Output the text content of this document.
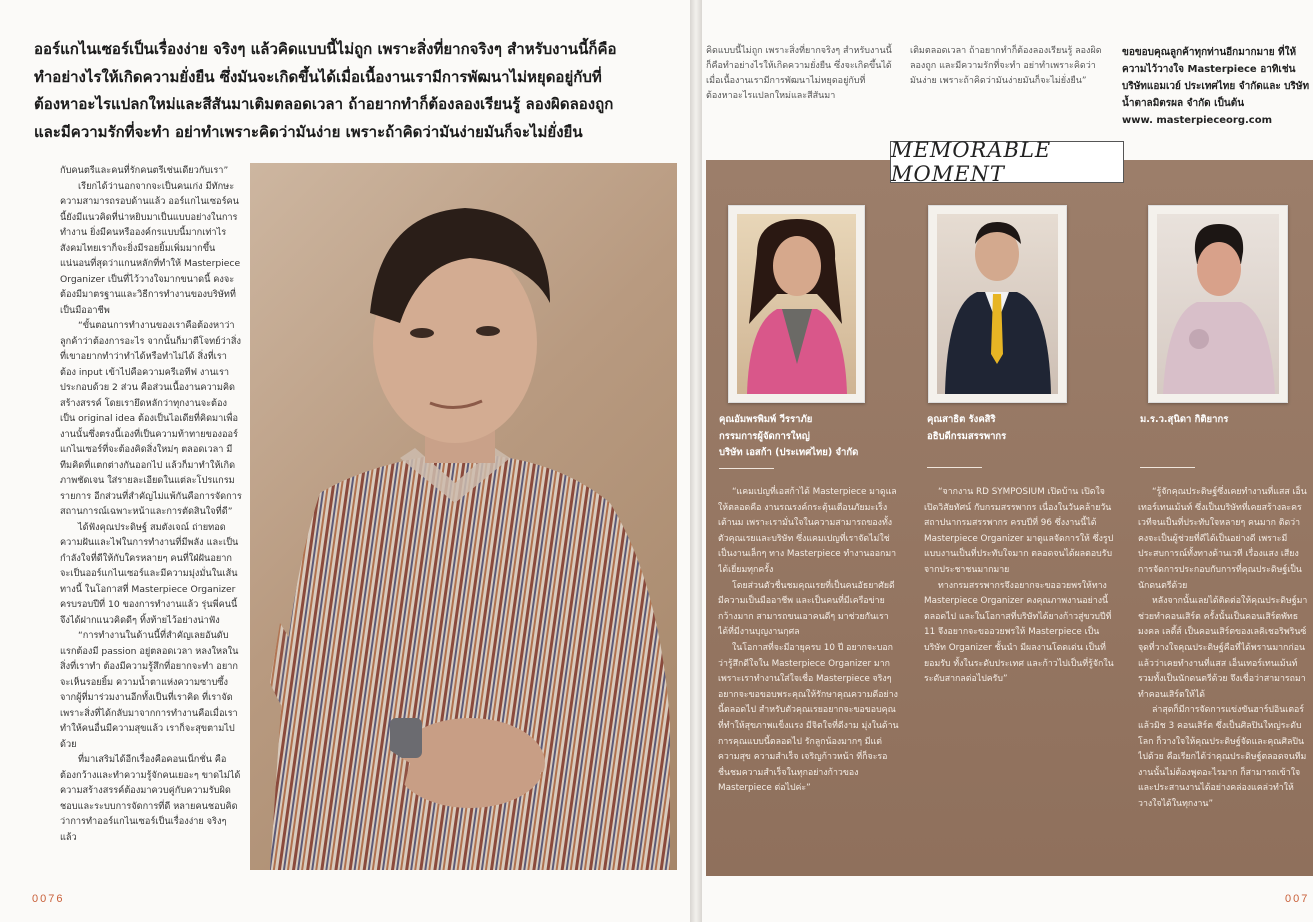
ออร์แกไนเซอร์เป็นเรื่องง่าย จริงๆ แล้วคิดแบบนี้ไม่ถูก เพราะสิ่งที่ยากจริงๆ สำหรับงานนี้ก็คือ
ทำอย่างไรให้เกิดความยั่งยืน ซึ่งมันจะเกิดขึ้นได้เมื่อเนื้องานเรามีการพัฒนาไม่หยุดอยู่กับที่
ต้องหาอะไรแปลกใหม่และสีสันมาเติมตลอดเวลา ถ้าอยากทำก็ต้องลองเรียนรู้ ลองผิดลองถูก
และมีความรักที่จะทำ อย่าทำเพราะคิดว่ามันง่าย เพราะถ้าคิดว่ามันง่ายมันก็จะไม่ยั่งยืน

กับคนตรีและคนที่รักคนตรีเช่นเดียวกับเรา”

เรียกได้ว่านอกจากจะเป็นคนเก่ง มีทักษะความสามารถรอบด้านแล้ว ออร์แกไนเซอร์คนนี้ยังมีแนวคิดที่น่าหยิบมาเป็นแบบอย่างในการทำงาน ยิ่งมีคนหรือองค์กรแบบนี้มากเท่าไรสังคมไทยเราก็จะยิ่งมีรอยยิ้มเพิ่มมากขึ้น แน่นอนที่สุดว่าแกนหลักที่ทำให้ Masterpiece Organizer เป็นที่ไว้วางใจมากขนาดนี้ คงจะต้องมีมาตรฐานและวิธีการทำงานของบริษัทที่เป็นมืออาชีพ

“ขั้นตอนการทำงานของเราคือต้องหาว่าลูกค้าว่าต้องการอะไร จากนั้นก็มาตีโจทย์ว่าสิ่งที่เขาอยากทำว่าทำได้หรือทำไม่ได้ สิ่งที่เราต้อง input เข้าไปคือความครีเอทีฟ งานเราประกอบด้วย 2 ส่วน คือส่วนเนื้องานความคิดสร้างสรรค์ โดยเรายึดหลักว่าทุกงานจะต้องเป็น original idea ต้องเป็นไอเดียที่คิดมาเพื่องานนั้นซึ่งตรงนี้เองที่เป็นความท้าทายของออร์แกไนเซอร์ที่จะต้องคิดสิ่งใหม่ๆ ตลอดเวลา มีทีมคิดที่แตกต่างกันออกไป แล้วก็มาทำให้เกิดภาพชัดเจน ใส่รายละเอียดในแต่ละโปรแกรมรายการ อีกส่วนที่สำคัญไม่แพ้กันคือการจัดการสถานการณ์เฉพาะหน้าและการตัดสินใจที่ดี”

ได้ฟังคุณประดิษฐ์ สมตังเจณ์ ถ่ายทอดความฝันและไฟในการทำงานที่มีพลัง และเป็นกำลังใจที่ดีให้กับใครหลายๆ คนที่ใฝ่ฝันอยากจะเป็นออร์แกไนเซอร์และมีความมุ่งมั่นในเส้นทางนี้ ในโอกาสที่ Masterpiece Organizer ครบรอบปีที่ 10 ของการทำงานแล้ว รุ่นพี่คนนี้จึงได้ฝากแนวคิดดีๆ ทิ้งท้ายไว้อย่างน่าฟัง

“การทำงานในด้านนี้ที่สำคัญเลยอันดับแรกต้องมี passion อยู่ตลอดเวลา หลงใหลในสิ่งที่เราทำ ต้องมีความรู้สึกที่อยากจะทำ อยากจะเห็นรอยยิ้ม ความน้ำตาแห่งความซาบซึ้งจากผู้ที่มาร่วมงานอีกทั้งเป็นที่เราคิด ที่เราจัด เพราะสิ่งที่ได้กลับมาจากการทำงานคือเมื่อเราทำให้คนอื่นมีความสุขแล้ว เราก็จะสุขตามไปด้วย

ที่มาเสริมได้อีกเรื่องคือคอนเน็กชั่น คือต้องกว้างและทำความรู้จักคนเยอะๆ ขาดไม่ได้ความสร้างสรรค์ต้องมาควบคู่กับความรับผิดชอบและระบบการจัดการที่ดี หลายคนชอบคิดว่าการทำออร์แกไนเซอร์เป็นเรื่องง่าย จริงๆ แล้ว

0076
คิดแบบนี้ไม่ถูก เพราะสิ่งที่ยากจริงๆ สำหรับงานนี้ก็คือทำอย่างไรให้เกิดความยั่งยืน ซึ่งจะเกิดขึ้นได้เมื่อเนื้องานเรามีการพัฒนาไม่หยุดอยู่กับที่ ต้องหาอะไรแปลกใหม่และสีสันมา
เติมตลอดเวลา ถ้าอยากทำก็ต้องลองเรียนรู้ ลองผิดลองถูก และมีความรักที่จะทำ อย่าทำเพราะคิดว่ามันง่าย เพราะถ้าคิดว่ามันง่ายมันก็จะไม่ยั่งยืน”
ขอขอบคุณลูกค้าทุกท่านอีกมากมาย ที่ให้ความไว้วางใจ Masterpiece อาทิเช่น บริษัทแอมเวย์ ประเทศไทย จำกัดและ บริษัท น้ำตาลมิตรผล จำกัด เป็นต้น
www. masterpieceorg.com
MEMORABLE MOMENT
คุณอัมพรพิมพ์ วีรราภัย
กรรมการผู้จัดการใหญ่
บริษัท เอสก้า (ประเทศไทย) จำกัด
คุณสาธิต รังคสิริ
อธิบดีกรมสรรพากร
ม.ร.ว.สุนิดา กิติยากร

“แคมเปญที่เอสก้าได้ Masterpiece มาดูแลให้ตลอดคือ งานรณรงค์กระตุ้นเตือนภัยมะเร็งเต้านม เพราะเรามั่นใจในความสามารถของทั้งตัวคุณเรยและบริษัท ซึ่งแคมเปญที่เราจัดไม่ใช่เป็นงานเล็กๆ ทาง Masterpiece ทำงานออกมาได้เยี่ยมทุกครั้ง

โดยส่วนตัวชื่นชมคุณเรยที่เป็นคนอัธยาศัยดี มีความเป็นมืออาชีพ และเป็นคนที่มีเครือข่ายกว้างมาก สามารถขนเอาคนดีๆ มาช่วยกันเราได้ที่มีงานบุญงานกุศล

ในโอกาสที่จะมีอายุครบ 10 ปี อยากจะบอกว่ารู้สึกดีใจใน Masterpiece Organizer มาก เพราะเราทำงานใส่ใจเชื่อ Masterpiece จริงๆ อยากจะขอขอบพระคุณให้รักษาคุณความดีอย่างนี้ตลอดไป สำหรับตัวคุณเรยอยากจะขอขอบคุณที่ทำให้สุขภาพแข็งแรง มีจิตใจที่ดีงาม มุ่งในด้านการคุณแบบนี้ตลอดไป รักลูกน้องมากๆ มีแต่ความสุข ความสำเร็จ เจริญก้าวหน้า ที่ก็จะรอชื่นชมความสำเร็จในทุกอย่างก้าวของ Masterpiece ต่อไปค่ะ”

“จากงาน RD SYMPOSIUM เปิดบ้าน เปิดใจ เปิดวิสัยทัศน์ กับกรมสรรพากร เนื่องในวันคล้ายวันสถาปนากรมสรรพากร ครบปีที่ 96 ซึ่งงานนี้ได้ Masterpiece Organizer มาดูแลจัดการให้ ซึ่งรูปแบบงานเป็นที่ประทับใจมาก ตลอดจนได้ผลตอบรับจากประชาชนมากมาย

ทางกรมสรรพากรจึงอยากจะขออวยพรให้ทาง Masterpiece Organizer คงคุณภาพงานอย่างนี้ตลอดไป และในโอกาสที่บริษัทได้ยางก้าวสู่ขวบปีที่ 11 จึงอยากจะขออวยพรให้ Masterpiece เป็นบริษัท Organizer ชั้นนำ มีผลงานโดดเด่น เป็นที่ยอมรับ ทั้งในระดับประเทศ และก้าวไปเป็นที่รู้จักในระดับสากลต่อไปครับ”

“รู้จักคุณประดิษฐ์ซึ่งเคยทำงานที่แสส เอ็นเทอร์เทนเม้นท์ ซึ่งเป็นบริษัทที่เคยสร้างละครเวทีจนเป็นที่ประทับใจหลายๆ คนมาก ติดว่าคงจะเป็นผู้ช่วยที่ดีได้เป็นอย่างดี เพราะมีประสบการณ์ทั้งทางด้านเวที เรื่องแสง เสียง การจัดการประกอบกับการที่คุณประดิษฐ์เป็นนักดนตรีด้วย

หลังจากนั้นเลยได้ติดต่อให้คุณประดิษฐ์มาช่วยทำคอนเสิร์ต ครั้งนั้นเป็นคอนเสิร์ตพัทธมงคล เลดี้ส์ เป็นคอนเสิร์ตของเลคิเชอริพรินซ์ จุดที่วางใจคุณประดิษฐ์คือที่ได้พรานมากก่อนแล้วว่าเคยทำงานที่แสส เอ็นเทอร์เทนเม้นท์ รวมทั้งเป็นนักดนตรีด้วย จึงเชื่อว่าสามารถมาทำคอนเสิร์ตให้ได้

ล่าสุดก็มีการจัดการแข่งขันฮาร์ปอินเตอร์แล้วมิช 3 คอนเสิร์ต ซึ่งเป็นศิลปินใหญ่ระดับโลก ก็วางใจให้คุณประดิษฐ์จัดและคุณศิลปินไปด้วย คือเรียกได้ว่าคุณประดิษฐ์ตลอดจนทีมงานนั้นไม่ต้องพูดอะไรมาก ก็สามารถเข้าใจและประสานงานได้อย่างคล่องแคล่วทำให้วางใจได้ในทุกงาน”

007
